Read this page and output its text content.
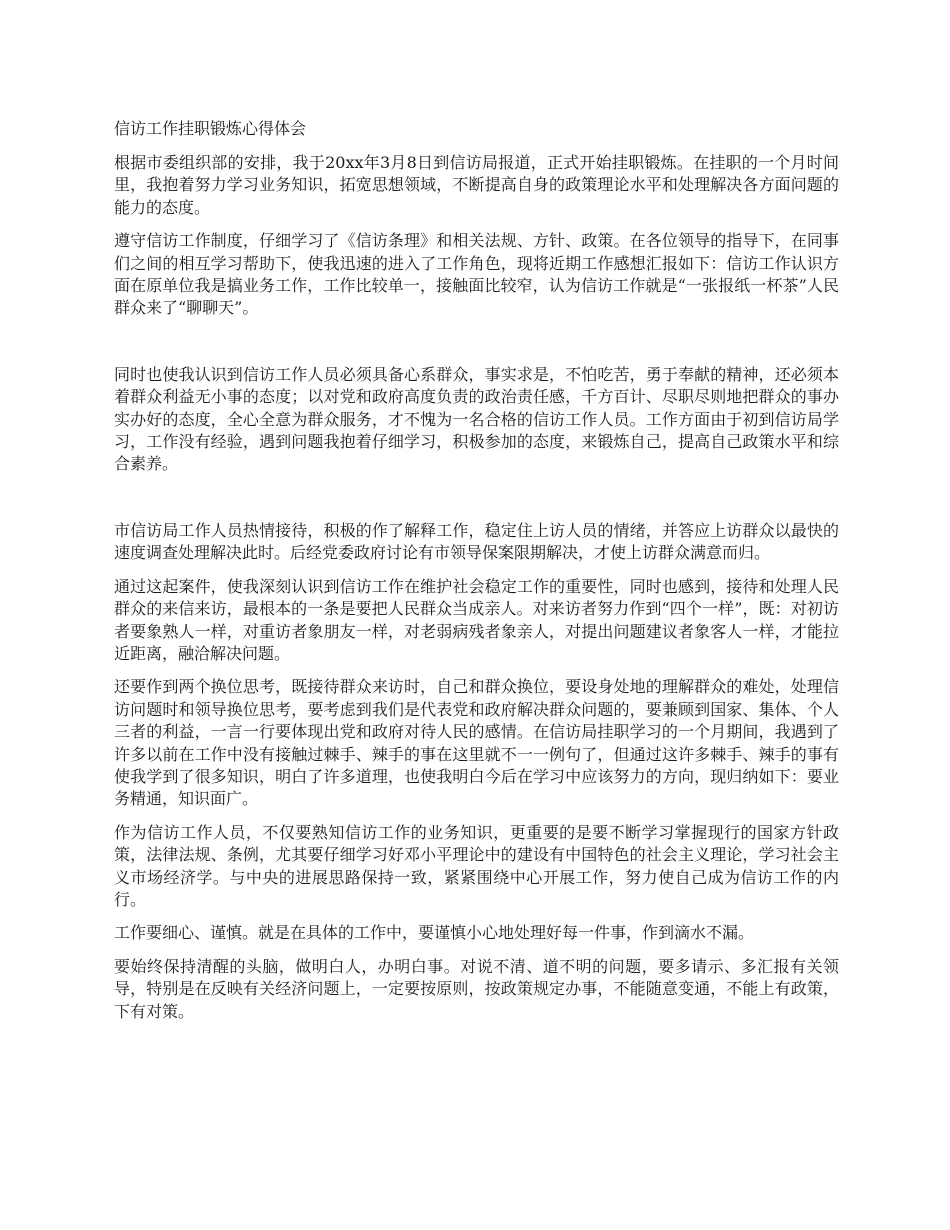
信访工作挂职锻炼心得体会

根据市委组织部的安排，我于20xx年3月8日到信访局报道，正式开始挂职锻炼。在挂职的一个月时间里，我抱着努力学习业务知识，拓宽思想领域，不断提高自身的政策理论水平和处理解决各方面问题的能力的态度。

遵守信访工作制度，仔细学习了《信访条理》和相关法规、方针、政策。在各位领导的指导下，在同事们之间的相互学习帮助下，使我迅速的进入了工作角色，现将近期工作感想汇报如下：信访工作认识方面在原单位我是搞业务工作，工作比较单一，接触面比较窄，认为信访工作就是“一张报纸一杯茶”人民群众来了“聊聊天”。

同时也使我认识到信访工作人员必须具备心系群众，事实求是，不怕吃苦，勇于奉献的精神，还必须本着群众利益无小事的态度；以对党和政府高度负责的政治责任感，千方百计、尽职尽则地把群众的事办实办好的态度，全心全意为群众服务，才不愧为一名合格的信访工作人员。工作方面由于初到信访局学习，工作没有经验，遇到问题我抱着仔细学习，积极参加的态度，来锻炼自己，提高自己政策水平和综合素养。

市信访局工作人员热情接待，积极的作了解释工作，稳定住上访人员的情绪，并答应上访群众以最快的速度调查处理解决此时。后经党委政府讨论有市领导保案限期解决，才使上访群众满意而归。

通过这起案件，使我深刻认识到信访工作在维护社会稳定工作的重要性，同时也感到，接待和处理人民群众的来信来访，最根本的一条是要把人民群众当成亲人。对来访者努力作到“四个一样”，既：对初访者要象熟人一样，对重访者象朋友一样，对老弱病残者象亲人，对提出问题建议者象客人一样，才能拉近距离，融洽解决问题。

还要作到两个换位思考，既接待群众来访时，自己和群众换位，要设身处地的理解群众的难处，处理信访问题时和领导换位思考，要考虑到我们是代表党和政府解决群众问题的，要兼顾到国家、集体、个人三者的利益，一言一行要体现出党和政府对待人民的感情。在信访局挂职学习的一个月期间，我遇到了许多以前在工作中没有接触过棘手、辣手的事在这里就不一一例句了，但通过这许多棘手、辣手的事有使我学到了很多知识，明白了许多道理，也使我明白今后在学习中应该努力的方向，现归纳如下：要业务精通，知识面广。

作为信访工作人员，不仅要熟知信访工作的业务知识，更重要的是要不断学习掌握现行的国家方针政策，法律法规、条例，尤其要仔细学习好邓小平理论中的建设有中国特色的社会主义理论，学习社会主义市场经济学。与中央的进展思路保持一致，紧紧围绕中心开展工作，努力使自己成为信访工作的内行。

工作要细心、谨慎。就是在具体的工作中，要谨慎小心地处理好每一件事，作到滴水不漏。

要始终保持清醒的头脑，做明白人，办明白事。对说不清、道不明的问题，要多请示、多汇报有关领导，特别是在反映有关经济问题上，一定要按原则，按政策规定办事，不能随意变通，不能上有政策，下有对策。
